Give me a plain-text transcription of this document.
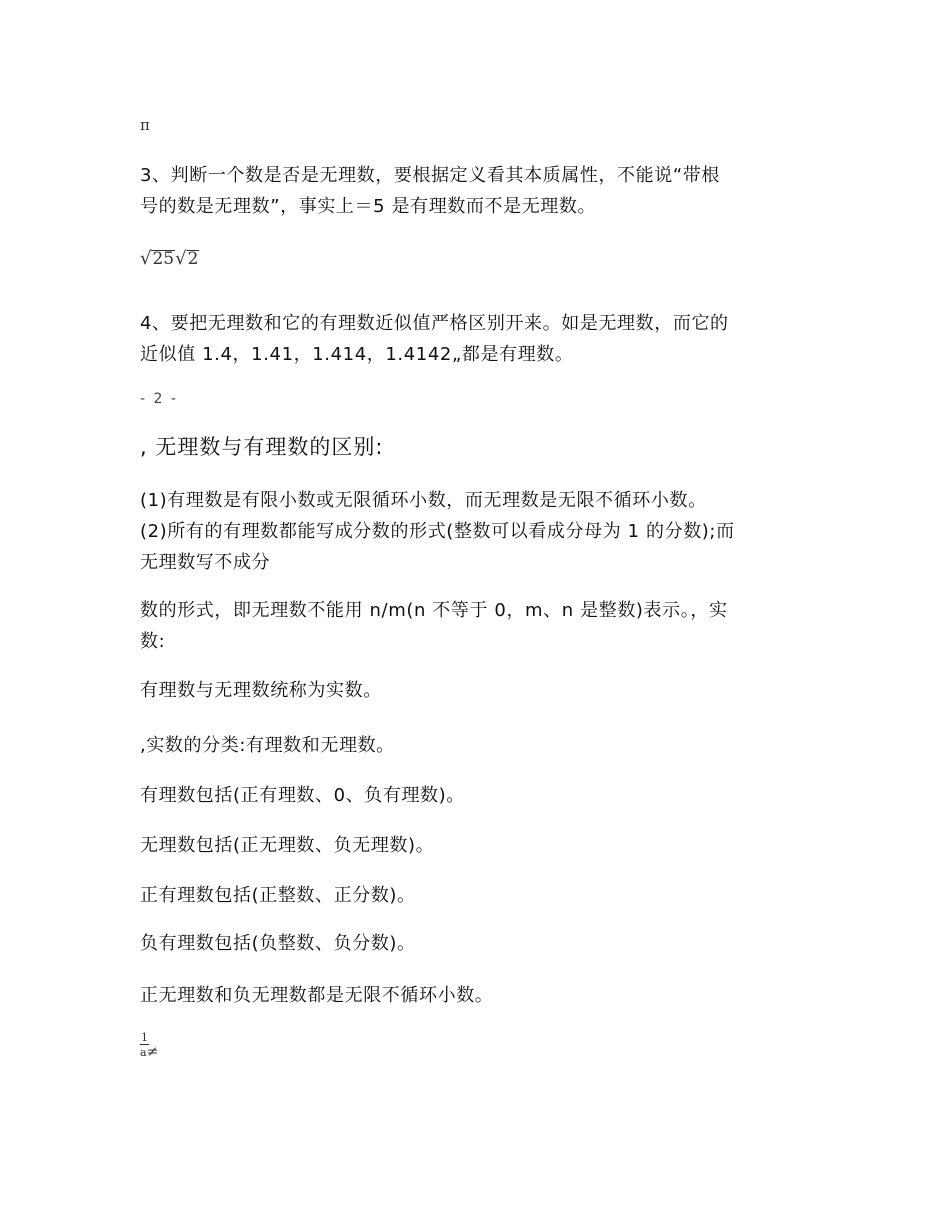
π
3、判断一个数是否是无理数，要根据定义看其本质属性，不能说“带根
号的数是无理数”，事实上＝5 是有理数而不是无理数。
√25√2
4、要把无理数和它的有理数近似值严格区别开来。如是无理数，而它的
近似值 1.4，1.41，1.414，1.4142„都是有理数。
- 2 -
, 无理数与有理数的区别:
(1)有理数是有限小数或无限循环小数，而无理数是无限不循环小数。
(2)所有的有理数都能写成分数的形式(整数可以看成分母为 1 的分数);而
无理数写不成分
数的形式，即无理数不能用 n/m(n 不等于 0，m、n 是整数)表示。，实
数:
有理数与无理数统称为实数。
,实数的分类:有理数和无理数。
有理数包括(正有理数、0、负有理数)。
无理数包括(正无理数、负无理数)。
正有理数包括(正整数、正分数)。
负有理数包括(负整数、负分数)。
正无理数和负无理数都是无限不循环小数。
$\frac{1}{a\ne}$
